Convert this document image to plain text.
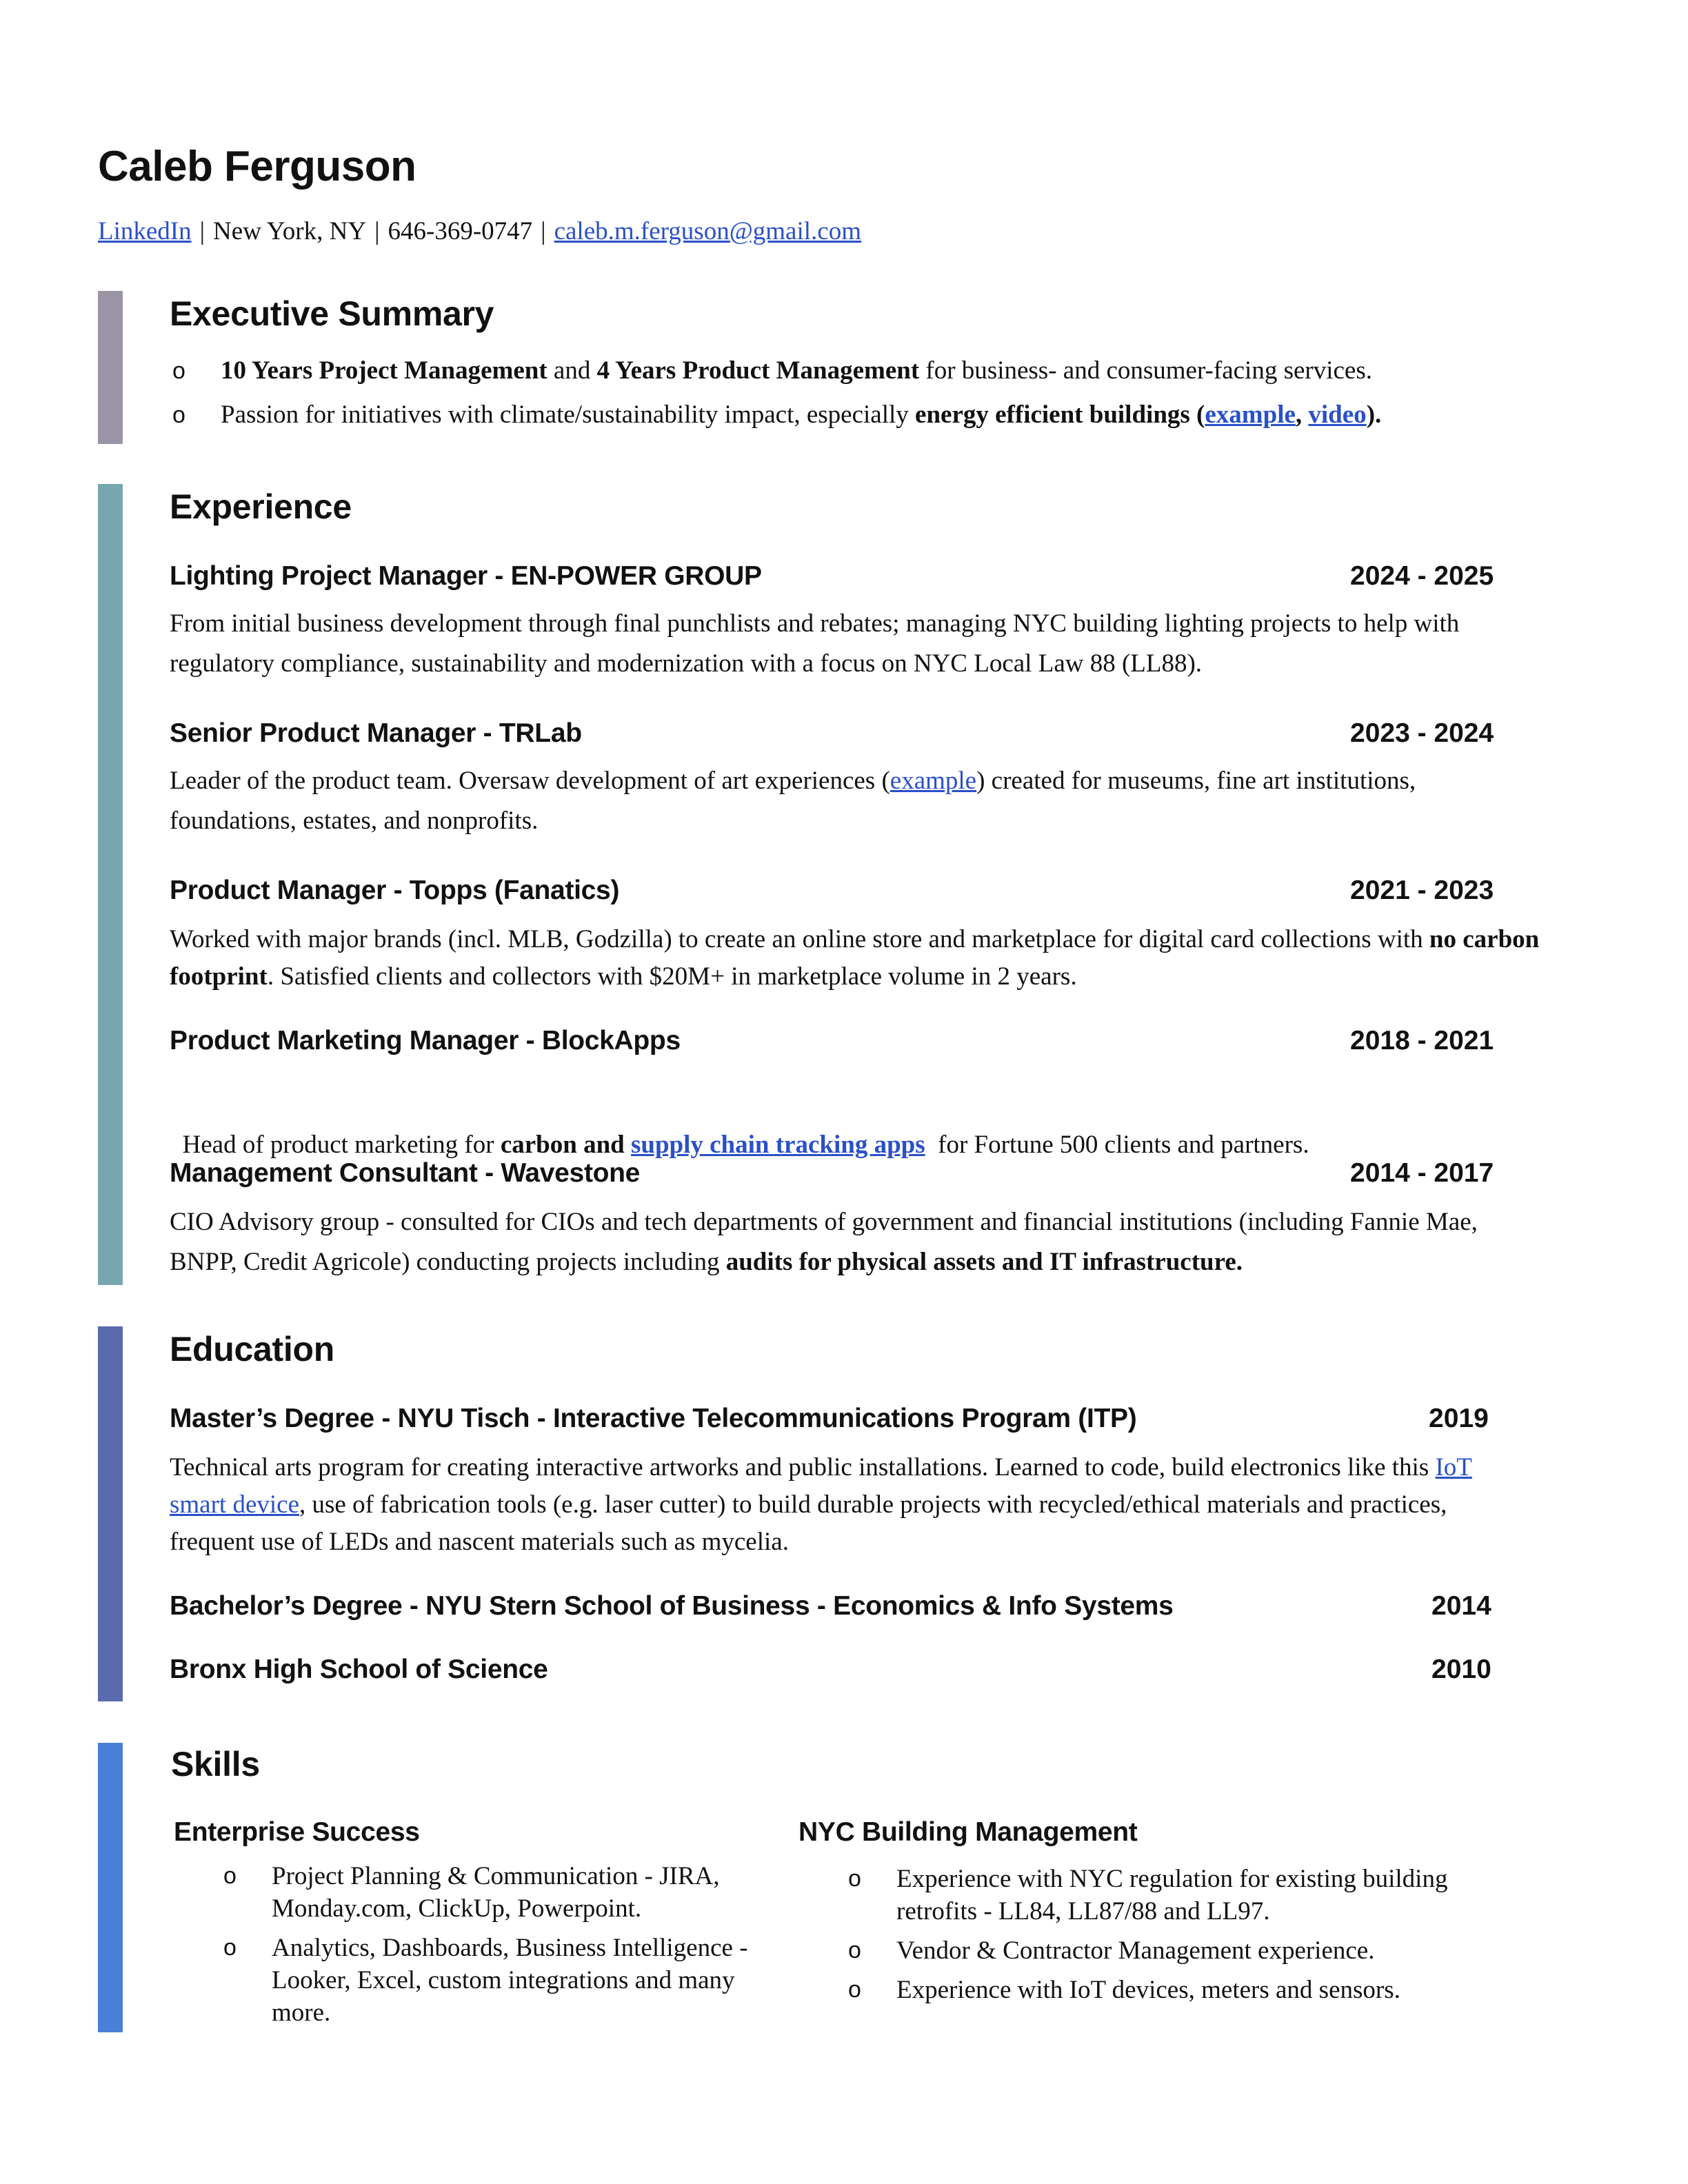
Caleb Ferguson
LinkedIn | New York, NY | 646-369-0747 | caleb.m.ferguson@gmail.com
Executive Summary
o 10 Years Project Management and 4 Years Product Management for business- and consumer-facing services.
o Passion for initiatives with climate/sustainability impact, especially energy efficient buildings (example, video).
Experience
Lighting Project Manager - EN-POWER GROUP	2024 - 2025
From initial business development through final punchlists and rebates; managing NYC building lighting projects to help with regulatory compliance, sustainability and modernization with a focus on NYC Local Law 88 (LL88).
Senior Product Manager - TRLab	2023 - 2024
Leader of the product team. Oversaw development of art experiences (example) created for museums, fine art institutions, foundations, estates, and nonprofits.
Product Manager - Topps (Fanatics)	2021 - 2023
Worked with major brands (incl. MLB, Godzilla) to create an online store and marketplace for digital card collections with no carbon footprint. Satisfied clients and collectors with $20M+ in marketplace volume in 2 years.
Product Marketing Manager - BlockApps	2018 - 2021

Head of product marketing for carbon and supply chain tracking apps  for Fortune 500 clients and partners.

Management Consultant - Wavestone	2014 - 2017
CIO Advisory group - consulted for CIOs and tech departments of government and financial institutions (including Fannie Mae, BNPP, Credit Agricole) conducting projects including audits for physical assets and IT infrastructure.
Education
Master’s Degree - NYU Tisch - Interactive Telecommunications Program (ITP)	2019
Technical arts program for creating interactive artworks and public installations. Learned to code, build electronics like this IoT smart device, use of fabrication tools (e.g. laser cutter) to build durable projects with recycled/ethical materials and practices, frequent use of LEDs and nascent materials such as mycelia.
Bachelor’s Degree - NYU Stern School of Business - Economics & Info Systems	2014
Bronx High School of Science	2010
Skills
Enterprise Success
o Project Planning & Communication - JIRA, Monday.com, ClickUp, Powerpoint.
o Analytics, Dashboards, Business Intelligence - Looker, Excel, custom integrations and many more.
NYC Building Management
o Experience with NYC regulation for existing building retrofits - LL84, LL87/88 and LL97.
o Vendor & Contractor Management experience.
o Experience with IoT devices, meters and sensors.
